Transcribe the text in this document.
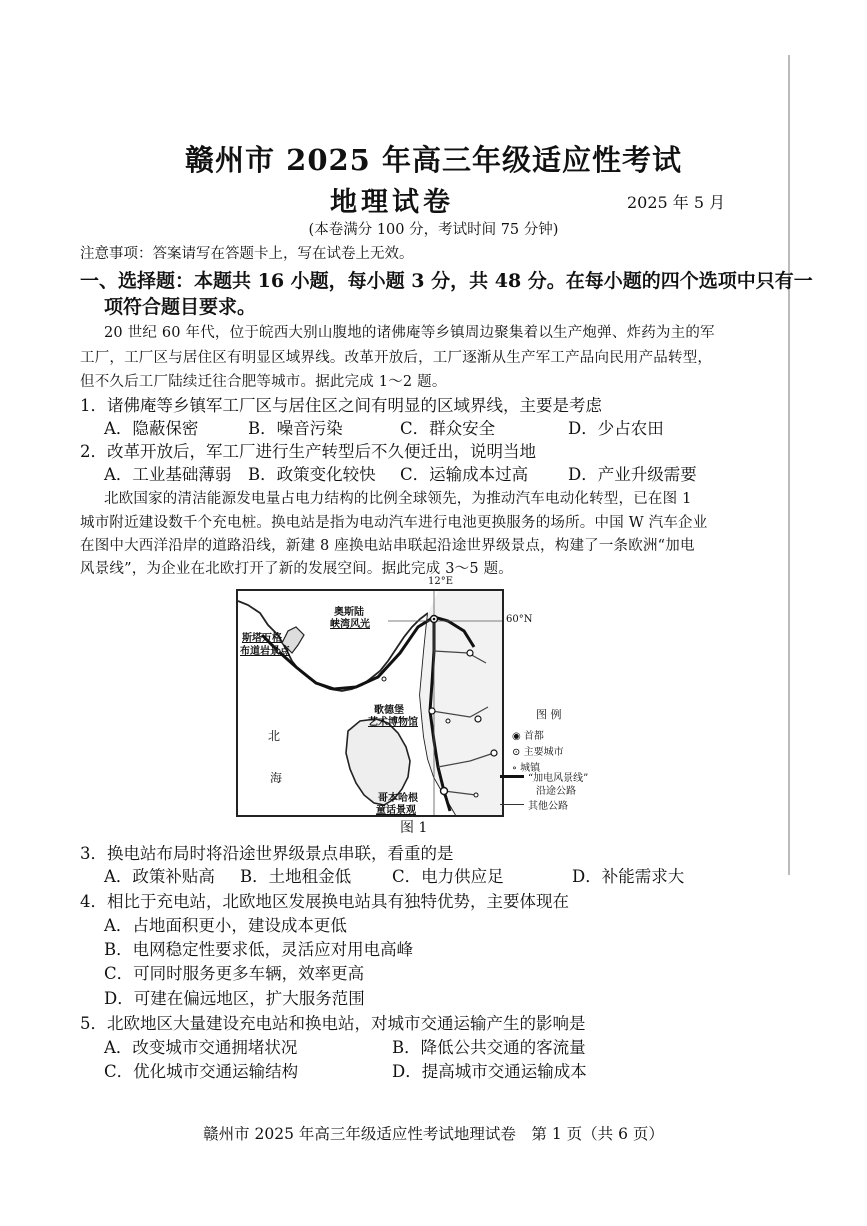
赣州市 2025 年高三年级适应性考试
地理试卷	2025 年 5 月
(本卷满分 100 分，考试时间 75 分钟)
注意事项：答案请写在答题卡上，写在试卷上无效。
一、选择题：本题共 16 小题，每小题 3 分，共 48 分。在每小题的四个选项中只有一
项符合题目要求。
20 世纪 60 年代，位于皖西大别山腹地的诸佛庵等乡镇周边聚集着以生产炮弹、炸药为主的军
工厂，工厂区与居住区有明显区域界线。改革开放后，工厂逐渐从生产军工产品向民用产品转型，
但不久后工厂陆续迁往合肥等城市。据此完成 1～2 题。
1．诸佛庵等乡镇军工厂区与居住区之间有明显的区域界线，主要是考虑
A．隐蔽保密	B．噪音污染	C．群众安全	D．少占农田
2．改革开放后，军工厂进行生产转型后不久便迁出，说明当地
A．工业基础薄弱 B．政策变化较快 C．运输成本过高 D．产业升级需要
北欧国家的清洁能源发电量占电力结构的比例全球领先，为推动汽车电动化转型，已在图 1
城市附近建设数千个充电桩。换电站是指为电动汽车进行电池更换服务的场所。中国 W 汽车企业
在图中大西洋沿岸的道路沿线，新建 8 座换电站串联起沿途世界级景点，构建了一条欧洲“加电
风景线”，为企业在北欧打开了新的发展空间。据此完成 3～5 题。
12°E
60°N
奥斯陆
峡湾风光
斯塔万格
布道岩景点
歌德堡
艺术博物馆
哥本哈根
童话景观
北
海
图 例
◉ 首都
⊙ 主要城市
∘ 城镇
“加电风景线”
沿途公路
其他公路
图 1
3．换电站布局时将沿途世界级景点串联，看重的是
A．政策补贴高 B．土地租金低 C．电力供应足	D．补能需求大
4．相比于充电站，北欧地区发展换电站具有独特优势，主要体现在
A．占地面积更小，建设成本更低
B．电网稳定性要求低，灵活应对用电高峰
C．可同时服务更多车辆，效率更高
D．可建在偏远地区，扩大服务范围
5．北欧地区大量建设充电站和换电站，对城市交通运输产生的影响是
A．改变城市交通拥堵状况	B．降低公共交通的客流量
C．优化城市交通运输结构	D．提高城市交通运输成本
赣州市 2025 年高三年级适应性考试地理试卷　第 1 页（共 6 页）
